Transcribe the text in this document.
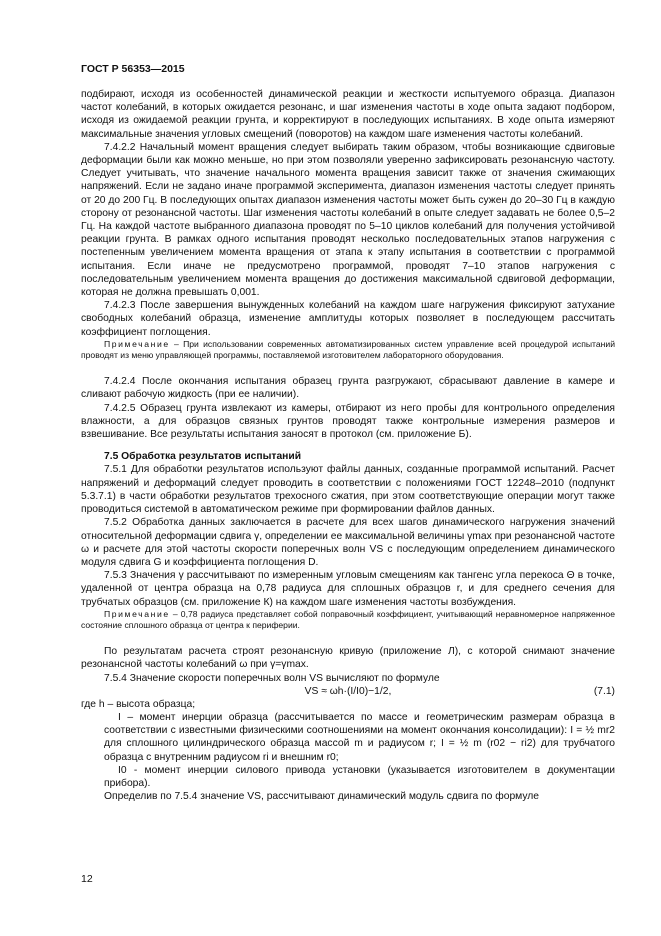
ГОСТ Р 56353—2015

подбирают, исходя из особенностей динамической реакции и жесткости испытуемого образца. Диапазон частот колебаний, в которых ожидается резонанс, и шаг изменения частоты в ходе опыта задают подбором, исходя из ожидаемой реакции грунта, и корректируют в последующих испытаниях. В ходе опыта измеряют максимальные значения угловых смещений (поворотов) на каждом шаге изменения частоты колебаний.

7.4.2.2 Начальный момент вращения следует выбирать таким образом, чтобы возникающие сдвиговые деформации были как можно меньше, но при этом позволяли уверенно зафиксировать резонансную частоту. Следует учитывать, что значение начального момента вращения зависит также от значения сжимающих напряжений. Если не задано иначе программой эксперимента, диапазон изменения частоты следует принять от 20 до 200 Гц. В последующих опытах диапазон изменения частоты может быть сужен до 20–30 Гц в каждую сторону от резонансной частоты. Шаг изменения частоты колебаний в опыте следует задавать не более 0,5–2 Гц. На каждой частоте выбранного диапазона проводят по 5–10 циклов колебаний для получения устойчивой реакции грунта. В рамках одного испытания проводят несколько последовательных этапов нагружения с постепенным увеличением момента вращения от этапа к этапу испытания в соответствии с программой испытания. Если иначе не предусмотрено программой, проводят 7–10 этапов нагружения с последовательным увеличением момента вращения до достижения максимальной сдвиговой деформации, которая не должна превышать 0,001.

7.4.2.3 После завершения вынужденных колебаний на каждом шаге нагружения фиксируют затухание свободных колебаний образца, изменение амплитуды которых позволяет в последующем рассчитать коэффициент поглощения.

Примечание – При использовании современных автоматизированных систем управление всей процедурой испытаний проводят из меню управляющей программы, поставляемой изготовителем лабораторного оборудования.

7.4.2.4 После окончания испытания образец грунта разгружают, сбрасывают давление в камере и сливают рабочую жидкость (при ее наличии).

7.4.2.5 Образец грунта извлекают из камеры, отбирают из него пробы для контрольного определения влажности, а для образцов связных грунтов проводят также контрольные измерения размеров и взвешивание. Все результаты испытания заносят в протокол (см. приложение Б).

7.5 Обработка результатов испытаний

7.5.1 Для обработки результатов используют файлы данных, созданные программой испытаний. Расчет напряжений и деформаций следует проводить в соответствии с положениями ГОСТ 12248–2010 (подпункт 5.3.7.1) в части обработки результатов трехосного сжатия, при этом соответствующие операции могут также проводиться системой в автоматическом режиме при формировании файлов данных.

7.5.2 Обработка данных заключается в расчете для всех шагов динамического нагружения значений относительной деформации сдвига γ, определении ее максимальной величины γmax при резонансной частоте ω и расчете для этой частоты скорости поперечных волн VS с последующим определением динамического модуля сдвига G и коэффициента поглощения D.

7.5.3 Значения γ рассчитывают по измеренным угловым смещениям как тангенс угла перекоса Θ в точке, удаленной от центра образца на 0,78 радиуса для сплошных образцов r, и для среднего сечения для трубчатых образцов (см. приложение К) на каждом шаге изменения частоты возбуждения.

Примечание – 0,78 радиуса представляет собой поправочный коэффициент, учитывающий неравномерное напряженное состояние сплошного образца от центра к периферии.

По результатам расчета строят резонансную кривую (приложение Л), с которой снимают значение резонансной частоты колебаний ω при γ=γmax.

7.5.4 Значение скорости поперечных волн VS вычисляют по формуле

VS ≈ ωh·(I/I0)−1/2,	(7.1)

где h – высота образца;

I – момент инерции образца (рассчитывается по массе и геометрическим размерам образца в соответствии с известными физическими соотношениями на момент окончания консолидации): I = ½ mr2 для сплошного цилиндрического образца массой m и радиусом r; I = ½ m (r02 − ri2) для трубчатого образца с внутренним радиусом ri и внешним r0;

I0 - момент инерции силового привода установки (указывается изготовителем в документации прибора).

Определив по 7.5.4 значение VS, рассчитывают динамический модуль сдвига по формуле

12
